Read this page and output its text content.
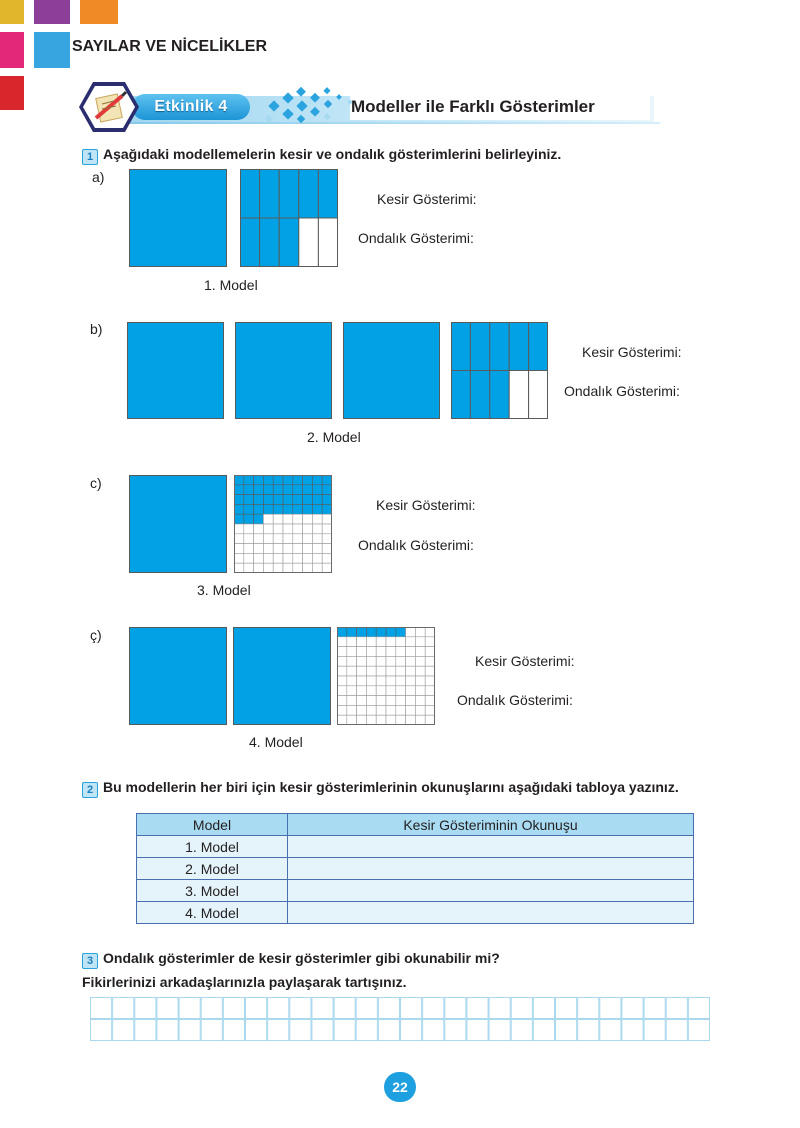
SAYILAR VE NİCELİKLER
Etkinlik 4	Modeller ile Farklı Gösterimler
1 Aşağıdaki modellemelerin kesir ve ondalık gösterimlerini belirleyiniz.
a)
Kesir Gösterimi:
Ondalık Gösterimi:
1. Model
b)
Kesir Gösterimi:
Ondalık Gösterimi:
2. Model
c)
Kesir Gösterimi:
Ondalık Gösterimi:
3. Model
ç)
Kesir Gösterimi:
Ondalık Gösterimi:
4. Model
2 Bu modellerin her biri için kesir gösterimlerinin okunuşlarını aşağıdaki tabloya yazınız.
Model	Kesir Gösteriminin Okunuşu
1. Model	
2. Model	
3. Model	
4. Model	
3 Ondalık gösterimler de kesir gösterimler gibi okunabilir mi?
Fikirlerinizi arkadaşlarınızla paylaşarak tartışınız.
22
